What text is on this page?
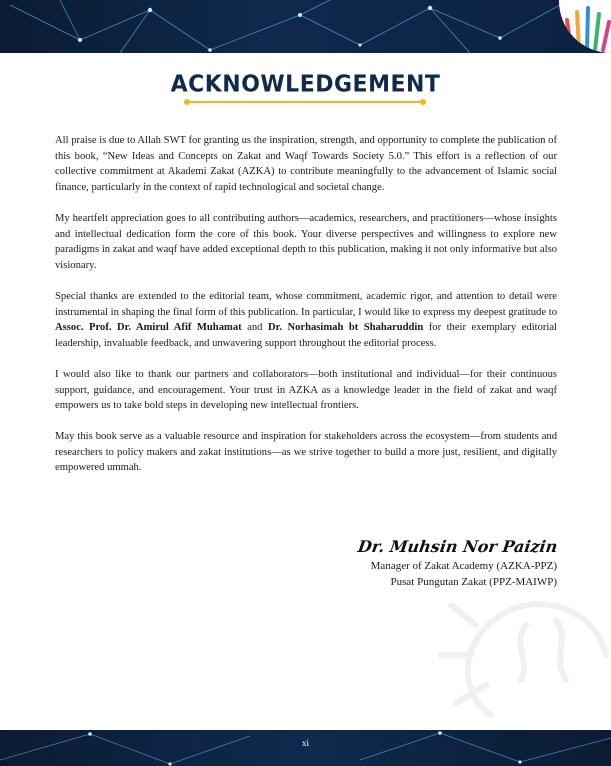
ACKNOWLEDGEMENT

All praise is due to Allah SWT for granting us the inspiration, strength, and opportunity to complete the publication of this book, “New Ideas and Concepts on Zakat and Waqf Towards Society 5.0.” This effort is a reflection of our collective commitment at Akademi Zakat (AZKA) to contribute meaningfully to the advancement of Islamic social finance, particularly in the context of rapid technological and societal change.

My heartfelt appreciation goes to all contributing authors—academics, researchers, and practitioners—whose insights and intellectual dedication form the core of this book. Your diverse perspectives and willingness to explore new paradigms in zakat and waqf have added exceptional depth to this publication, making it not only informative but also visionary.

Special thanks are extended to the editorial team, whose commitment, academic rigor, and attention to detail were instrumental in shaping the final form of this publication. In particular, I would like to express my deepest gratitude to Assoc. Prof. Dr. Amirul Afif Muhamat and Dr. Norhasimah bt Shaharuddin for their exemplary editorial leadership, invaluable feedback, and unwavering support throughout the editorial process.

I would also like to thank our partners and collaborators—both institutional and individual—for their continuous support, guidance, and encouragement. Your trust in AZKA as a knowledge leader in the field of zakat and waqf empowers us to take bold steps in developing new intellectual frontiers.

May this book serve as a valuable resource and inspiration for stakeholders across the ecosystem—from students and researchers to policy makers and zakat institutions—as we strive together to build a more just, resilient, and digitally empowered ummah.

Dr. Muhsin Nor Paizin
Manager of Zakat Academy (AZKA-PPZ)
Pusat Pungutan Zakat (PPZ-MAIWP)
xi
